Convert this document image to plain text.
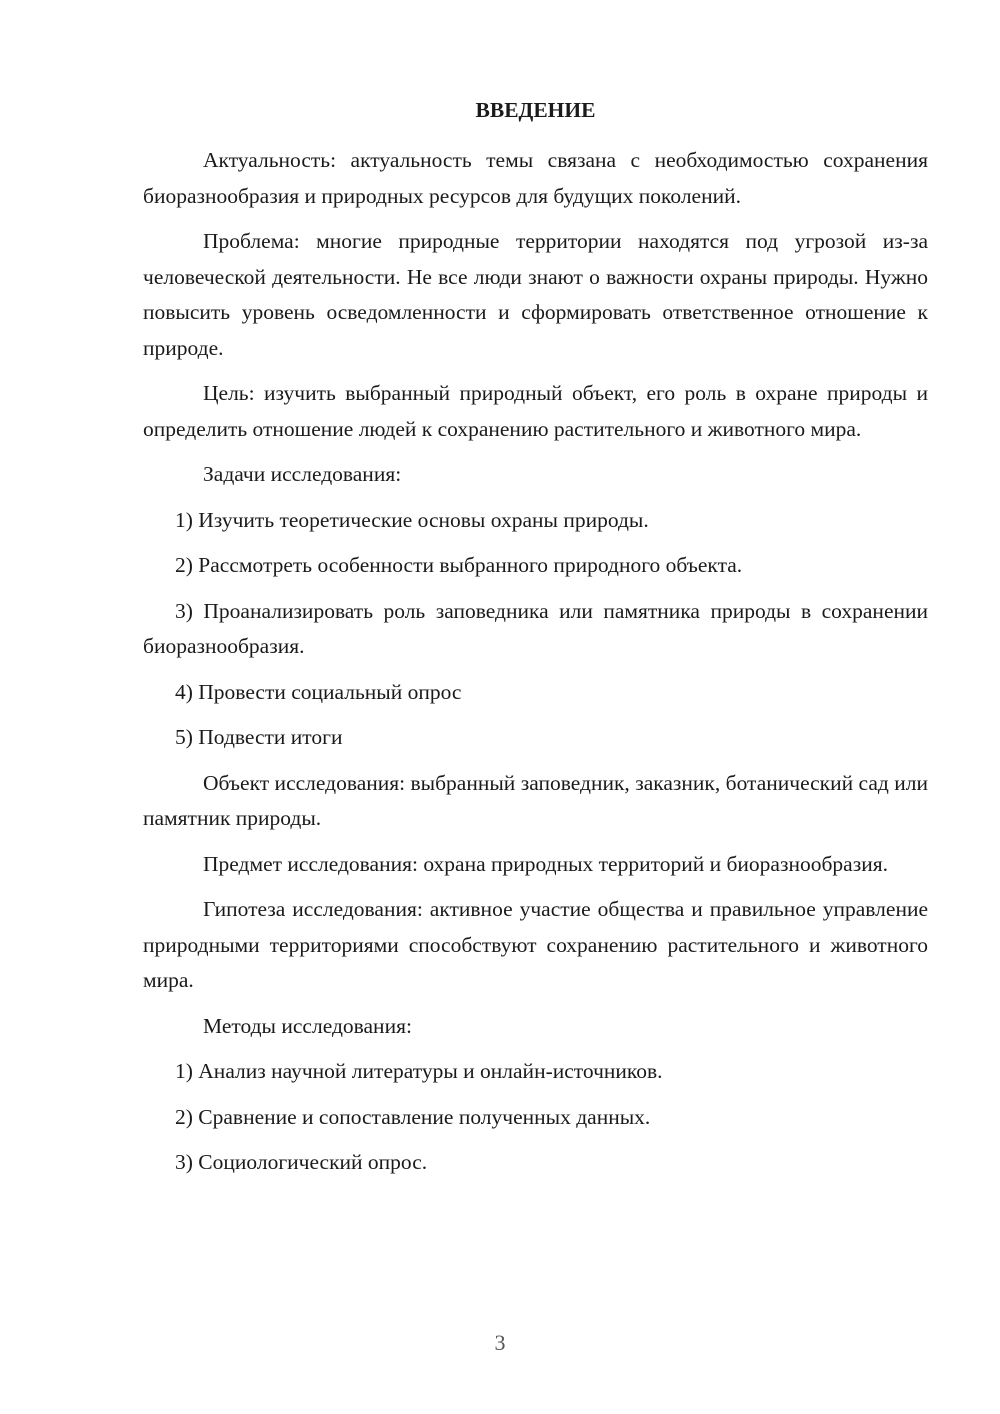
ВВЕДЕНИЕ

Актуальность: актуальность темы связана с необходимостью сохранения биоразнообразия и природных ресурсов для будущих поколений.

Проблема: многие природные территории находятся под угрозой из-за человеческой деятельности. Не все люди знают о важности охраны природы. Нужно повысить уровень осведомленности и сформировать ответственное отношение к природе.

Цель: изучить выбранный природный объект, его роль в охране природы и определить отношение людей к сохранению растительного и животного мира.

Задачи исследования:

1) Изучить теоретические основы охраны природы.

2) Рассмотреть особенности выбранного природного объекта.

3) Проанализировать роль заповедника или памятника природы в сохранении биоразнообразия.

4) Провести социальный опрос

5) Подвести итоги

Объект исследования: выбранный заповедник, заказник, ботанический сад или памятник природы.

Предмет исследования: охрана природных территорий и биоразнообразия.

Гипотеза исследования: активное участие общества и правильное управление природными территориями способствуют сохранению растительного и животного мира.

Методы исследования:

1) Анализ научной литературы и онлайн-источников.

2) Сравнение и сопоставление полученных данных.

3) Социологический опрос.

3
